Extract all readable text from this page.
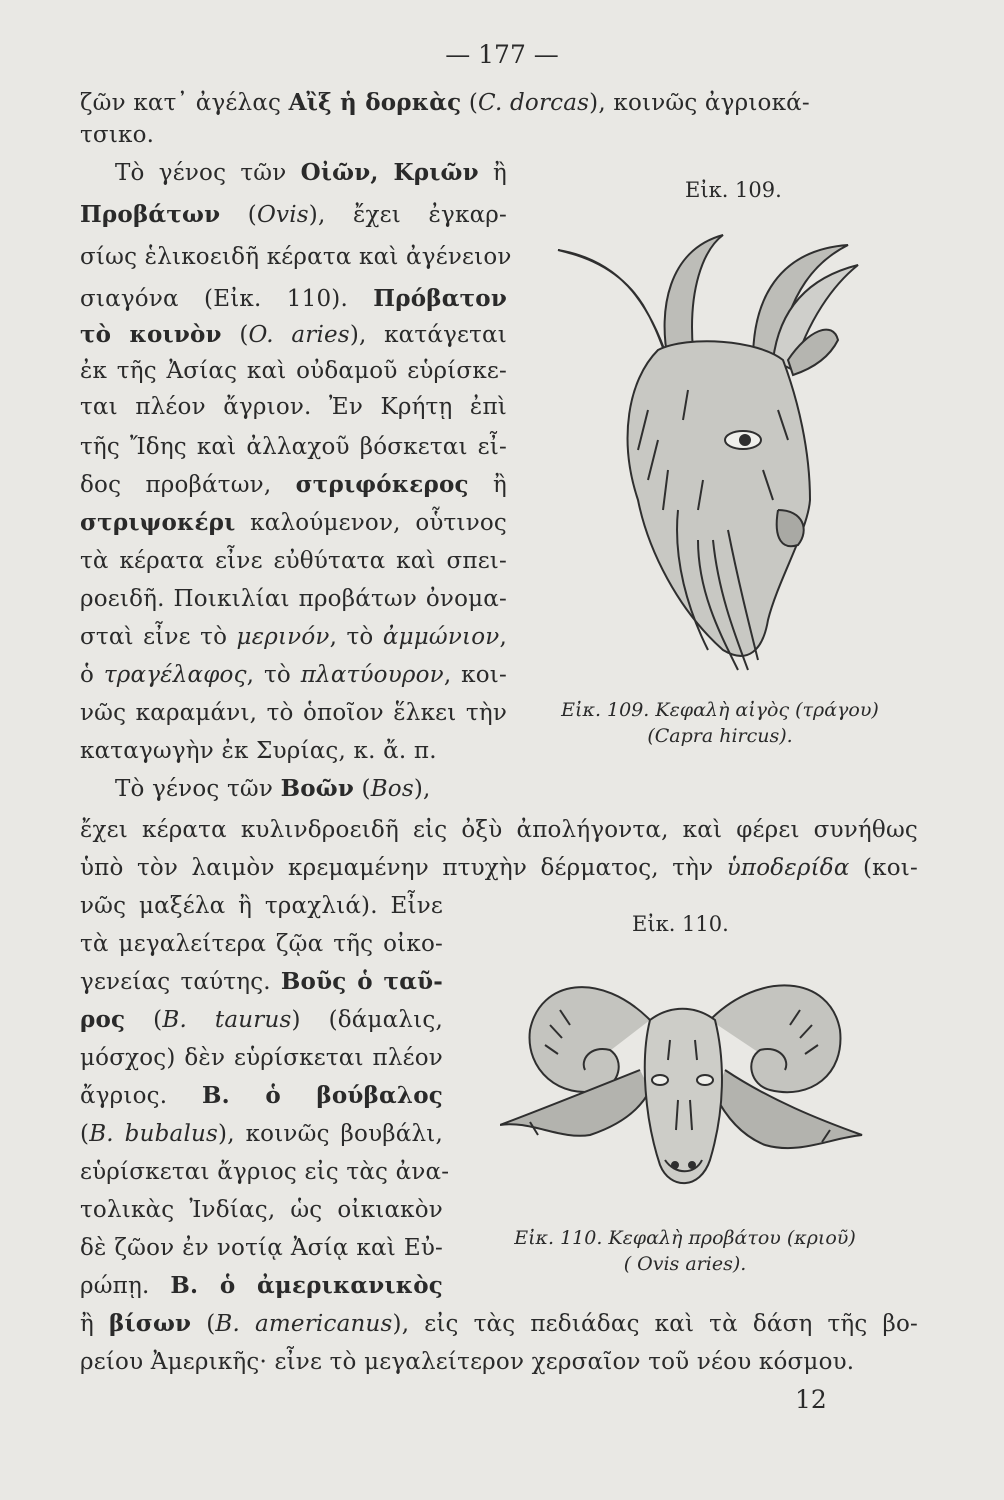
— 177 —
ζῶν κατ᾽ ἀγέλας Αἲξ ἡ δορκὰς (C. dorcas), κοινῶς ἀγριοκά-
τσικο.
Τὸ γένος τῶν Οἰῶν, Κριῶν ἢ
Προβάτων (Ovis), ἔχει ἐγκαρ-
σίως ἑλικοειδῆ κέρατα καὶ ἀγένειον
σιαγόνα (Εἰκ. 110). Πρόβατον
τὸ κοινὸν (O. aries), κατάγεται
ἐκ τῆς Ἀσίας καὶ οὐδαμοῦ εὑρίσκε-
ται πλέον ἄγριον. Ἐν Κρήτῃ ἐπὶ
τῆς Ἴδης καὶ ἀλλαχοῦ βόσκεται εἶ-
δος προβάτων, στριφόκερος ἢ
στριψοκέρι καλούμενον, οὗτινος
τὰ κέρατα εἶνε εὐθύτατα καὶ σπει-
ροειδῆ. Ποικιλίαι προβάτων ὀνομα-
σταὶ εἶνε τὸ μερινόν, τὸ ἀμμώνιον,
ὁ τραγέλαφος, τὸ πλατύουρον, κοι-
νῶς καραμάνι, τὸ ὁποῖον ἕλκει τὴν
καταγωγὴν ἐκ Συρίας, κ. ἄ. π.
Τὸ γένος τῶν Βοῶν (Bos),
ἔχει κέρατα κυλινδροειδῆ εἰς ὀξὺ ἀπολήγοντα, καὶ φέρει συνήθως
ὑπὸ τὸν λαιμὸν κρεμαμένην πτυχὴν δέρματος, τὴν ὑποδερίδα (κοι-
νῶς μαξέλα ἢ τραχλιά). Εἶνε
τὰ μεγαλείτερα ζῷα τῆς οἰκο-
γενείας ταύτης. Βοῦς ὁ ταῦ-
ρος (B. taurus) (δάμαλις,
μόσχος) δὲν εὑρίσκεται πλέον
ἄγριος. Β. ὁ βούβαλος
(B. bubalus), κοινῶς βουβάλι,
εὑρίσκεται ἄγριος εἰς τὰς ἀνα-
τολικὰς Ἰνδίας, ὡς οἰκιακὸν
δὲ ζῶον ἐν νοτίᾳ Ἀσίᾳ καὶ Εὐ-
ρώπῃ. Β. ὁ ἀμερικανικὸς
ἢ βίσων (B. americanus), εἰς τὰς πεδιάδας καὶ τὰ δάση τῆς βο-
ρείου Ἀμερικῆς· εἶνε τὸ μεγαλείτερον χερσαῖον τοῦ νέου κόσμου.
12
Εἰκ. 109.
Εἰκ. 109. Κεφαλὴ αἰγὸς (τράγου)
(Capra hircus).
Εἰκ. 110.
Εἰκ. 110. Κεφαλὴ προβάτου (κριοῦ)
( Ovis aries).
